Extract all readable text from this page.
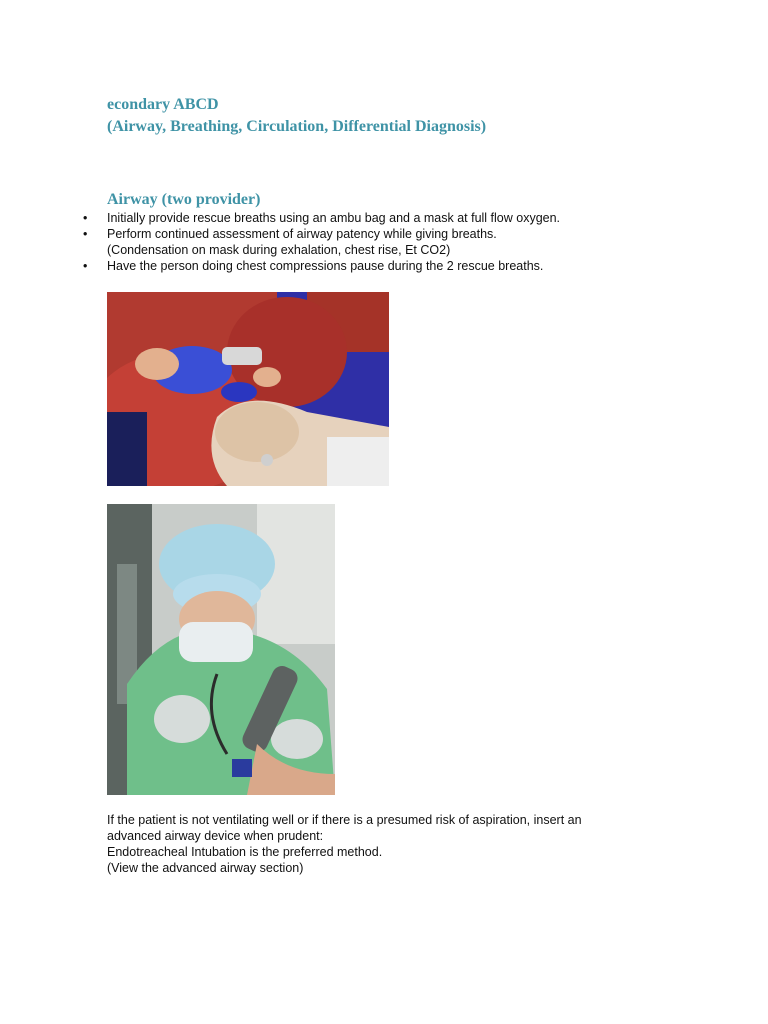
econdary ABCD
(Airway, Breathing, Circulation, Differential Diagnosis)
Airway (two provider)
• Initially provide rescue breaths using an ambu bag and a mask at full flow oxygen.
• Perform continued assessment of airway patency while giving breaths.
(Condensation on mask during exhalation, chest rise, Et CO2)
• Have the person doing chest compressions pause during the 2 rescue breaths.

If the patient is not ventilating well or if there is a presumed risk of aspiration, insert an
advanced airway device when prudent:
Endotreacheal Intubation is the preferred method.
(View the advanced airway section)
